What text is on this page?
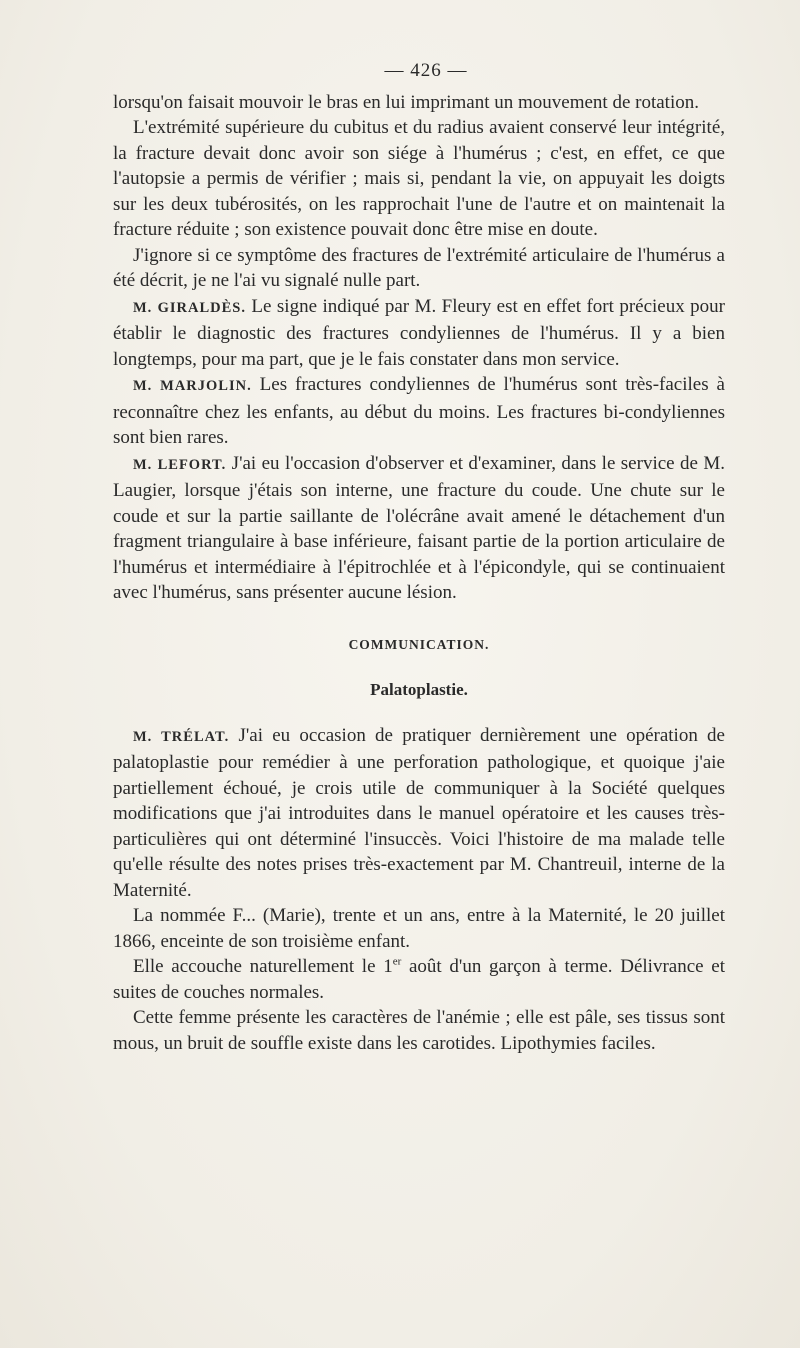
— 426 —

lorsqu'on faisait mouvoir le bras en lui imprimant un mouvement de rotation.

L'extrémité supérieure du cubitus et du radius avaient conservé leur intégrité, la fracture devait donc avoir son siége à l'humérus ; c'est, en effet, ce que l'autopsie a permis de vérifier ; mais si, pendant la vie, on appuyait les doigts sur les deux tubérosités, on les rapprochait l'une de l'autre et on maintenait la fracture réduite ; son existence pouvait donc être mise en doute.

J'ignore si ce symptôme des fractures de l'extrémité articulaire de l'humérus a été décrit, je ne l'ai vu signalé nulle part.

M. GIRALDÈS. Le signe indiqué par M. Fleury est en effet fort précieux pour établir le diagnostic des fractures condyliennes de l'humérus. Il y a bien longtemps, pour ma part, que je le fais constater dans mon service.

M. MARJOLIN. Les fractures condyliennes de l'humérus sont très-faciles à reconnaître chez les enfants, au début du moins. Les fractures bi-condyliennes sont bien rares.

M. LEFORT. J'ai eu l'occasion d'observer et d'examiner, dans le service de M. Laugier, lorsque j'étais son interne, une fracture du coude. Une chute sur le coude et sur la partie saillante de l'olécrâne avait amené le détachement d'un fragment triangulaire à base inférieure, faisant partie de la portion articulaire de l'humérus et intermédiaire à l'épitrochlée et à l'épicondyle, qui se continuaient avec l'humérus, sans présenter aucune lésion.

COMMUNICATION.
Palatoplastie.

M. TRÉLAT. J'ai eu occasion de pratiquer dernièrement une opération de palatoplastie pour remédier à une perforation pathologique, et quoique j'aie partiellement échoué, je crois utile de communiquer à la Société quelques modifications que j'ai introduites dans le manuel opératoire et les causes très-particulières qui ont déterminé l'insuccès. Voici l'histoire de ma malade telle qu'elle résulte des notes prises très-exactement par M. Chantreuil, interne de la Maternité.

La nommée F... (Marie), trente et un ans, entre à la Maternité, le 20 juillet 1866, enceinte de son troisième enfant.

Elle accouche naturellement le 1er août d'un garçon à terme. Délivrance et suites de couches normales.

Cette femme présente les caractères de l'anémie ; elle est pâle, ses tissus sont mous, un bruit de souffle existe dans les carotides. Lipothymies faciles.
